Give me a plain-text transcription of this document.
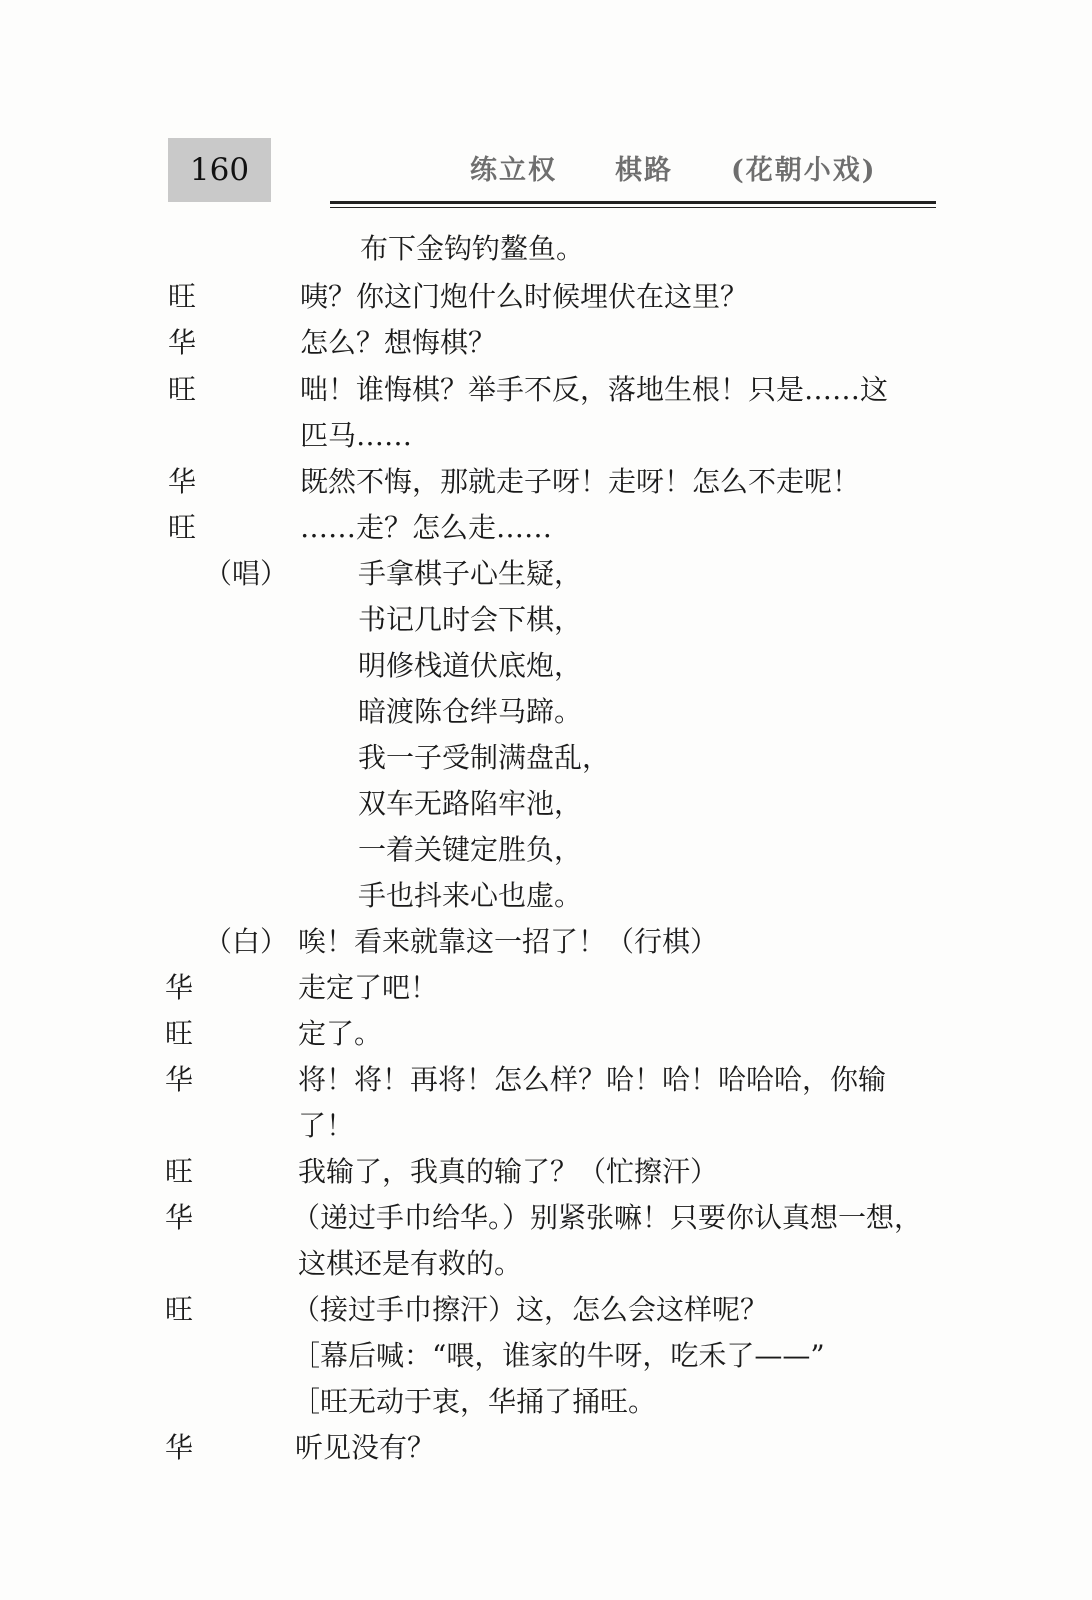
160	练立权　　棋路　　(花朝小戏)
布下金钩钓鳌鱼。
旺	咦？你这门炮什么时候埋伏在这里？
华	怎么？想悔棋？
旺	咄！谁悔棋？举手不反，落地生根！只是……这
匹马……
华	既然不悔，那就走子呀！走呀！怎么不走呢！
旺	……走？怎么走……
（唱） 手拿棋子心生疑，
书记几时会下棋，
明修栈道伏底炮，
暗渡陈仓绊马蹄。
我一子受制满盘乱，
双车无路陷牢池，
一着关键定胜负，
手也抖来心也虚。
（白） 唉！看来就靠这一招了！（行棋）
华	走定了吧！
旺	定了。
华	将！将！再将！怎么样？哈！哈！哈哈哈，你输
了！
旺	我输了，我真的输了？（忙擦汗）
华	（递过手巾给华。）别紧张嘛！只要你认真想一想，
这棋还是有救的。
旺	（接过手巾擦汗）这，怎么会这样呢？
［幕后喊：“喂，谁家的牛呀，吃禾了——”
［旺无动于衷，华捅了捅旺。
华	听见没有？
